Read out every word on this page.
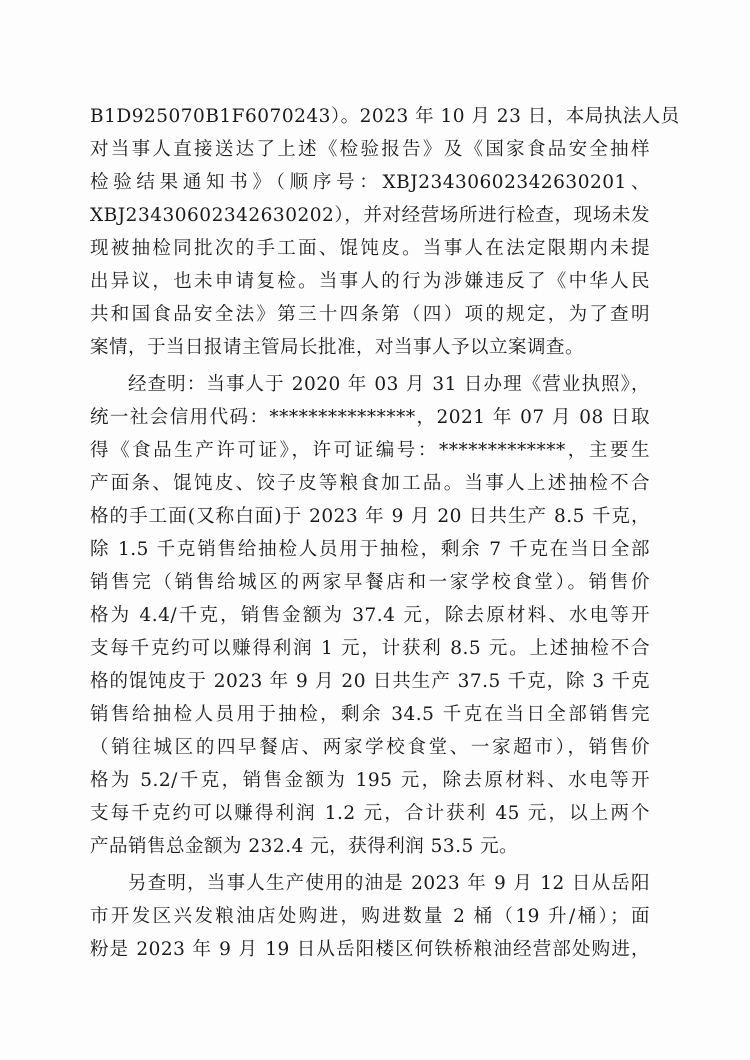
B1D925070B1F6070243）。2023 年 10 月 23 日，本局执法人员
对当事人直接送达了上述《检验报告》及《国家食品安全抽样
检验结果通知书》（顺序号：XBJ23430602342630201、
XBJ23430602342630202），并对经营场所进行检查，现场未发
现被抽检同批次的手工面、馄饨皮。当事人在法定限期内未提
出异议，也未申请复检。当事人的行为涉嫌违反了《中华人民
共和国食品安全法》第三十四条第（四）项的规定，为了查明
案情，于当日报请主管局长批准，对当事人予以立案调查。
经查明：当事人于 2020 年 03 月 31 日办理《营业执照》，
统一社会信用代码：***************，2021 年 07 月 08 日取
得《食品生产许可证》，许可证编号：*************，主要生
产面条、馄饨皮、饺子皮等粮食加工品。当事人上述抽检不合
格的手工面(又称白面)于 2023 年 9 月 20 日共生产 8.5 千克，
除 1.5 千克销售给抽检人员用于抽检，剩余 7 千克在当日全部
销售完（销售给城区的两家早餐店和一家学校食堂）。销售价
格为 4.4/千克，销售金额为 37.4 元，除去原材料、水电等开
支每千克约可以赚得利润 1 元，计获利 8.5 元。上述抽检不合
格的馄饨皮于 2023 年 9 月 20 日共生产 37.5 千克，除 3 千克
销售给抽检人员用于抽检，剩余 34.5 千克在当日全部销售完
（销往城区的四早餐店、两家学校食堂、一家超市），销售价
格为 5.2/千克，销售金额为 195 元，除去原材料、水电等开
支每千克约可以赚得利润 1.2 元，合计获利 45 元，以上两个
产品销售总金额为 232.4 元，获得利润 53.5 元。
另查明，当事人生产使用的油是 2023 年 9 月 12 日从岳阳
市开发区兴发粮油店处购进，购进数量 2 桶（19 升/桶）；面
粉是 2023 年 9 月 19 日从岳阳楼区何铁桥粮油经营部处购进，
